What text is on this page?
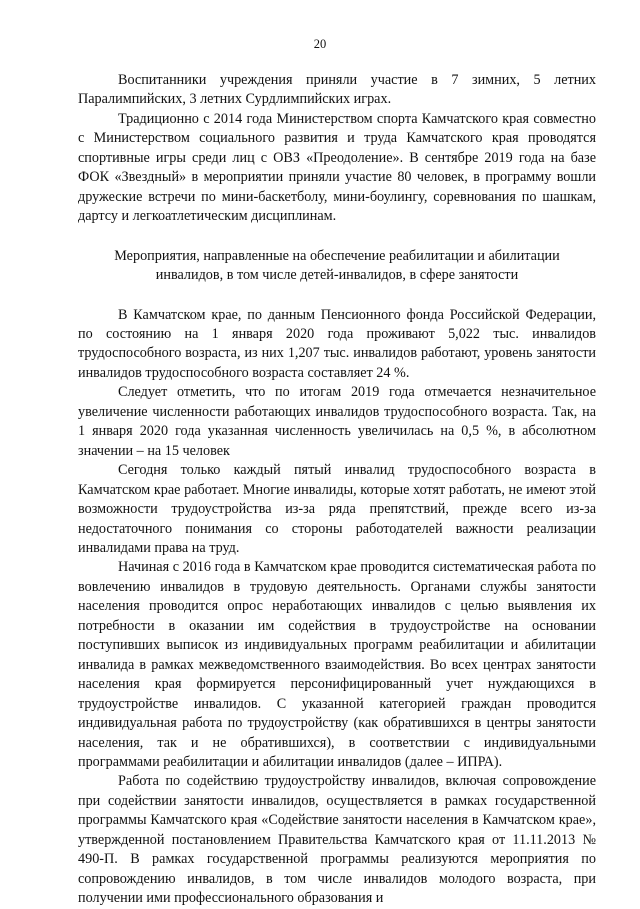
20

Воспитанники учреждения приняли участие в 7 зимних, 5 летних Паралимпийских, 3 летних Сурдлимпийских играх.

Традиционно с 2014 года Министерством спорта Камчатского края совместно с Министерством социального развития и труда Камчатского края проводятся спортивные игры среди лиц с ОВЗ «Преодоление». В сентябре 2019 года на базе ФОК «Звездный» в мероприятии приняли участие 80 человек, в программу вошли дружеские встречи по мини-баскетболу, мини-боулингу, соревнования по шашкам, дартсу и легкоатлетическим дисциплинам.

Мероприятия, направленные на обеспечение реабилитации и абилитации инвалидов, в том числе детей-инвалидов, в сфере занятости

В Камчатском крае, по данным Пенсионного фонда Российской Федерации, по состоянию на 1 января 2020 года проживают 5,022 тыс. инвалидов трудоспособного возраста, из них 1,207 тыс. инвалидов работают, уровень занятости инвалидов трудоспособного возраста составляет 24 %.

Следует отметить, что по итогам 2019 года отмечается незначительное увеличение численности работающих инвалидов трудоспособного возраста. Так, на 1 января 2020 года указанная численность увеличилась на 0,5 %, в абсолютном значении – на 15 человек

Сегодня только каждый пятый инвалид трудоспособного возраста в Камчатском крае работает. Многие инвалиды, которые хотят работать, не имеют этой возможности трудоустройства из-за ряда препятствий, прежде всего из-за недостаточного понимания со стороны работодателей важности реализации инвалидами права на труд.

Начиная с 2016 года в Камчатском крае проводится систематическая работа по вовлечению инвалидов в трудовую деятельность. Органами службы занятости населения проводится опрос неработающих инвалидов с целью выявления их потребности в оказании им содействия в трудоустройстве на основании поступивших выписок из индивидуальных программ реабилитации и абилитации инвалида в рамках межведомственного взаимодействия. Во всех центрах занятости населения края формируется персонифицированный учет нуждающихся в трудоустройстве инвалидов. С указанной категорией граждан проводится индивидуальная работа по трудоустройству (как обратившихся в центры занятости населения, так и не обратившихся), в соответствии с индивидуальными программами реабилитации и абилитации инвалидов (далее – ИПРА).

Работа по содействию трудоустройству инвалидов, включая сопровождение при содействии занятости инвалидов, осуществляется в рамках государственной программы Камчатского края «Содействие занятости населения в Камчатском крае», утвержденной постановлением Правительства Камчатского края от 11.11.2013 № 490-П. В рамках государственной программы реализуются мероприятия по сопровождению инвалидов, в том числе инвалидов молодого возраста, при получении ими профессионального образования и
